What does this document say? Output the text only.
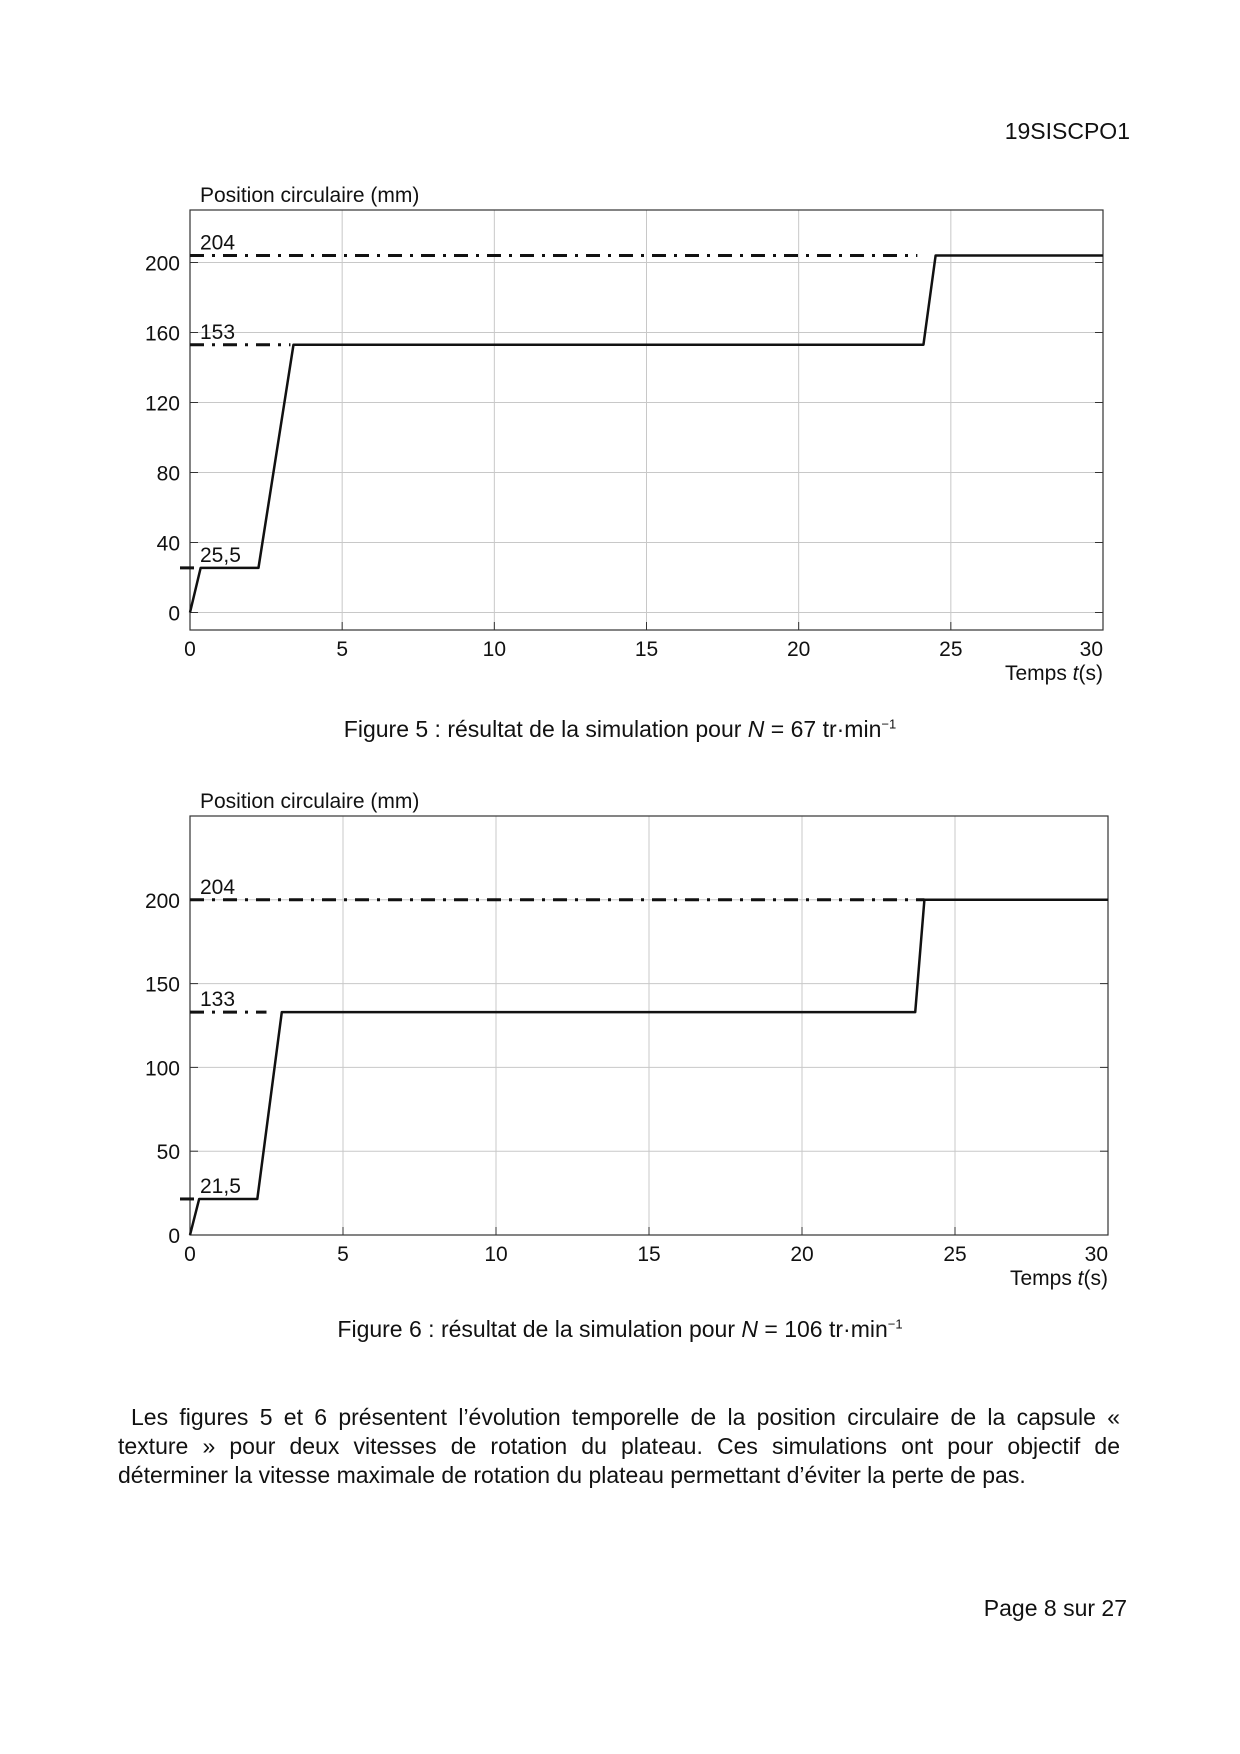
19SISCPO1
0	5	10	15	20	25	30
0
40
80
120
160
200
Position circulaire (mm)
Temps t(s)
204
153
25,5
Figure 5 : résultat de la simulation pour N = 67 $tr\cdot\min^{-1}$
0	5	10	15	20	25	30
0
50
100
150
200
Position circulaire (mm)
Temps t(s)
204
133
21,5
Figure 6 : résultat de la simulation pour N = 106 $tr\cdot\min^{-1}$

Les figures 5 et 6 présentent l’évolution temporelle de la position circulaire de la capsule « texture » pour deux vitesses de rotation du plateau. Ces simulations ont pour objectif de déterminer la vitesse maximale de rotation du plateau permettant d’éviter la perte de pas.

Page 8 sur 27
